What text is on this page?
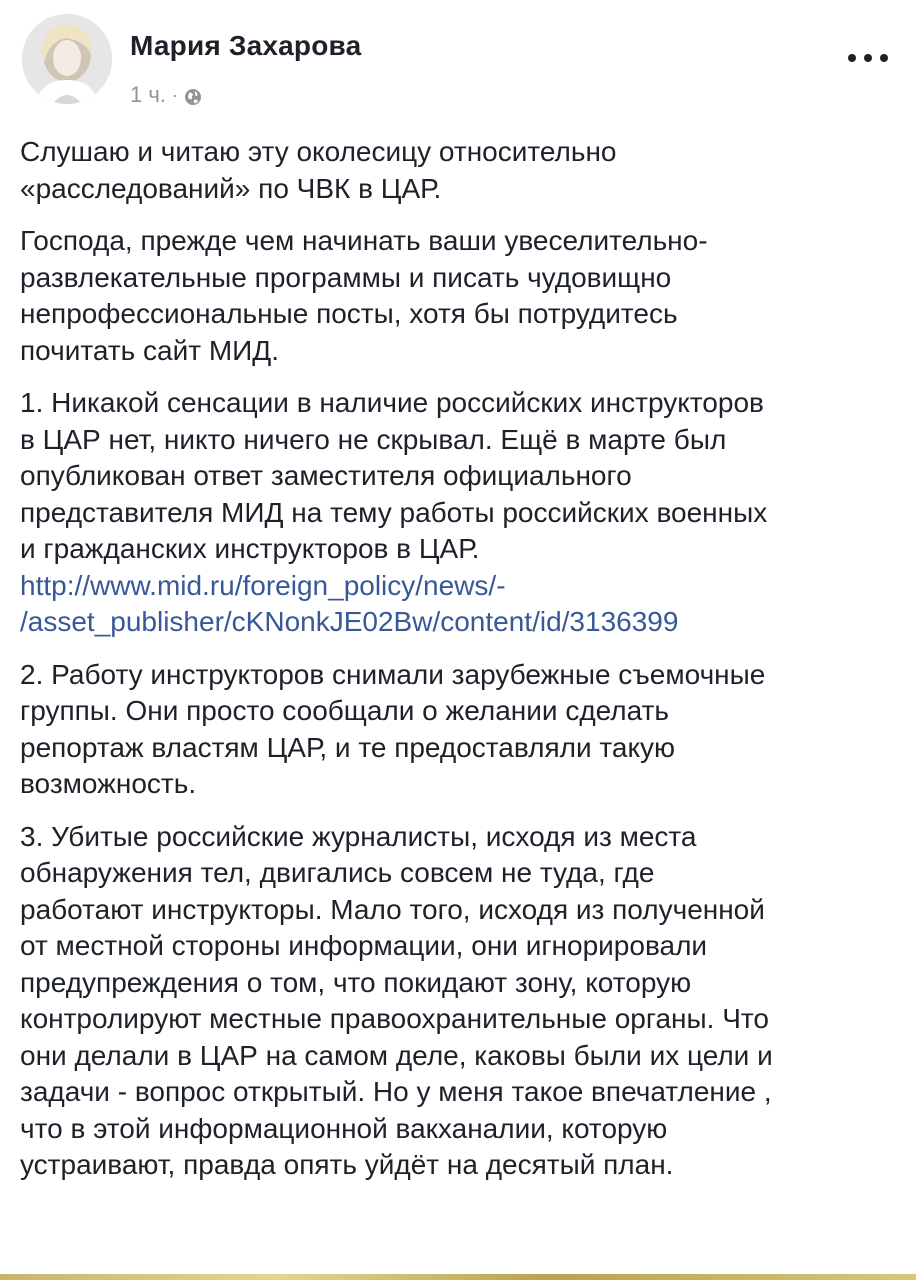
Мария Захарова
1 ч. ·

Слушаю и читаю эту околесицу относительно
«расследований» по ЧВК в ЦАР.

Господа, прежде чем начинать ваши увеселительно-
развлекательные программы и писать чудовищно
непрофессиональные посты, хотя бы потрудитесь
почитать сайт МИД.

1. Никакой сенсации в наличие российских инструкторов
в ЦАР нет, никто ничего не скрывал. Ещё в марте был
опубликован ответ заместителя официального
представителя МИД на тему работы российских военных
и гражданских инструкторов в ЦАР.
http://www.mid.ru/foreign_policy/news/-
/asset_publisher/cKNonkJE02Bw/content/id/3136399

2. Работу инструкторов снимали зарубежные съемочные
группы. Они просто сообщали о желании сделать
репортаж властям ЦАР, и те предоставляли такую
возможность.

3. Убитые российские журналисты, исходя из места
обнаружения тел, двигались совсем не туда, где
работают инструкторы. Мало того, исходя из полученной
от местной стороны информации, они игнорировали
предупреждения о том, что покидают зону, которую
контролируют местные правоохранительные органы. Что
они делали в ЦАР на самом деле, каковы были их цели и
задачи - вопрос открытый. Но у меня такое впечатление ,
что в этой информационной вакханалии, которую
устраивают, правда опять уйдёт на десятый план.
